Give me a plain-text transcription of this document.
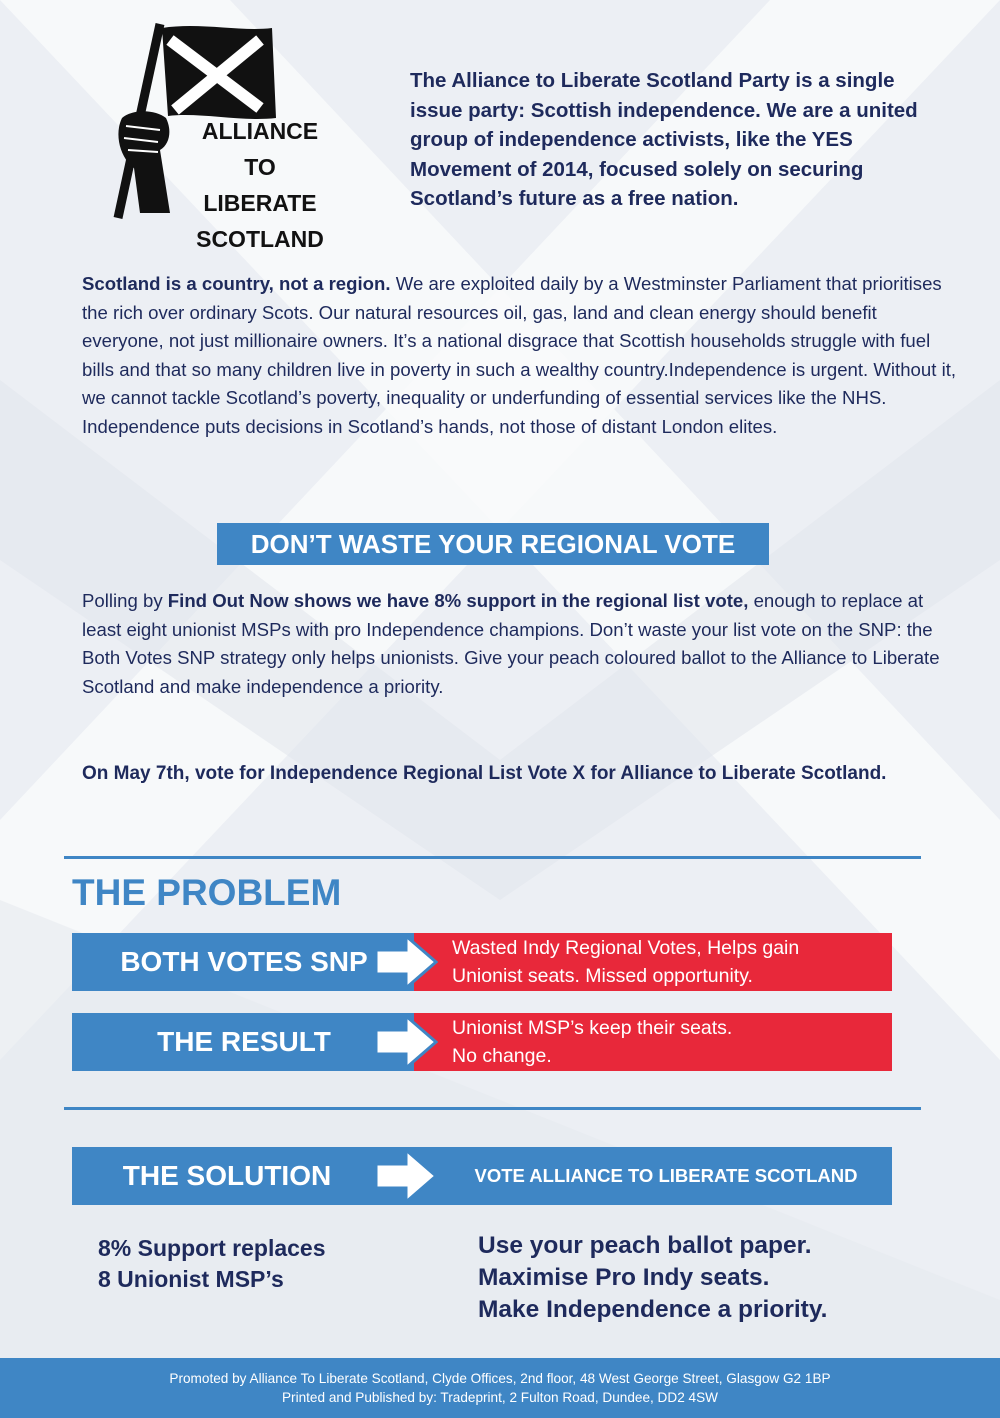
ALLIANCE
TO
LIBERATE
SCOTLAND
The Alliance to Liberate Scotland Party is a single issue party: Scottish independence. We are a united group of independence activists, like the YES Movement of 2014, focused solely on securing Scotland’s future as a free nation.
Scotland is a country, not a region. We are exploited daily by a Westminster Parliament that prioritises the rich over ordinary Scots. Our natural resources oil, gas, land and clean energy should benefit everyone, not just millionaire owners. It’s a national disgrace that Scottish households struggle with fuel bills and that so many children live in poverty in such a wealthy country.Independence is urgent. Without it, we cannot tackle Scotland’s poverty, inequality or underfunding of essential services like the NHS. Independence puts decisions in Scotland’s hands, not those of distant London elites.
DON’T WASTE YOUR REGIONAL VOTE
Polling by Find Out Now shows we have 8% support in the regional list vote, enough to replace at least eight unionist MSPs with pro Independence champions. Don’t waste your list vote on the SNP: the Both Votes SNP strategy only helps unionists. Give your peach coloured ballot to the Alliance to Liberate Scotland and make independence a priority.
On May 7th, vote for Independence Regional List Vote X for Alliance to Liberate Scotland.
THE PROBLEM
BOTH VOTES SNP	Wasted Indy Regional Votes, Helps gain
Unionist seats. Missed opportunity.
THE RESULT	Unionist MSP’s keep their seats.
No change.
THE SOLUTION	VOTE ALLIANCE TO LIBERATE SCOTLAND
8% Support replaces
8 Unionist MSP’s
Use your peach ballot paper.
Maximise Pro Indy seats.
Make Independence a priority.
Promoted by Alliance To Liberate Scotland, Clyde Offices, 2nd floor, 48 West George Street, Glasgow G2 1BP
Printed and Published by: Tradeprint, 2 Fulton Road, Dundee, DD2 4SW
